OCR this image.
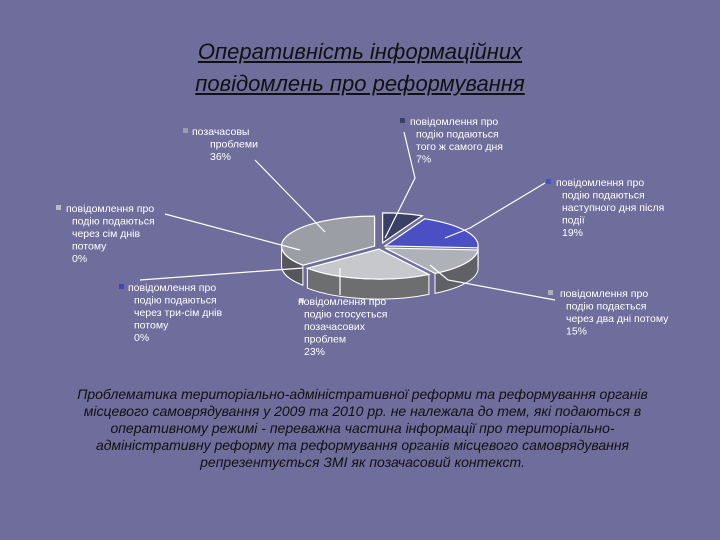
Оперативність інформаційних
повідомлень про реформування
повідомлення про подію подаються того ж самого дня 7%
повідомлення про подію подаються наступного дня після події 19%
повідомлення про подію подається через два дні потому 15%
повідомлення про подію стосується позачасових проблем 23%
повідомлення про подію подаються через три-сім днів потому 0%
повідомлення про подію подаються через сім днів потому 0%
позачасовы проблеми 36%

Проблематика територіально-адміністративної реформи та реформування органів місцевого самоврядування у 2009 та 2010 рр. не належала до тем, які подаються в оперативному режимі - переважна частина інформації про територіально-адміністративну реформу та реформування органів місцевого самоврядування репрезентується ЗМІ як позачасовий контекст.
